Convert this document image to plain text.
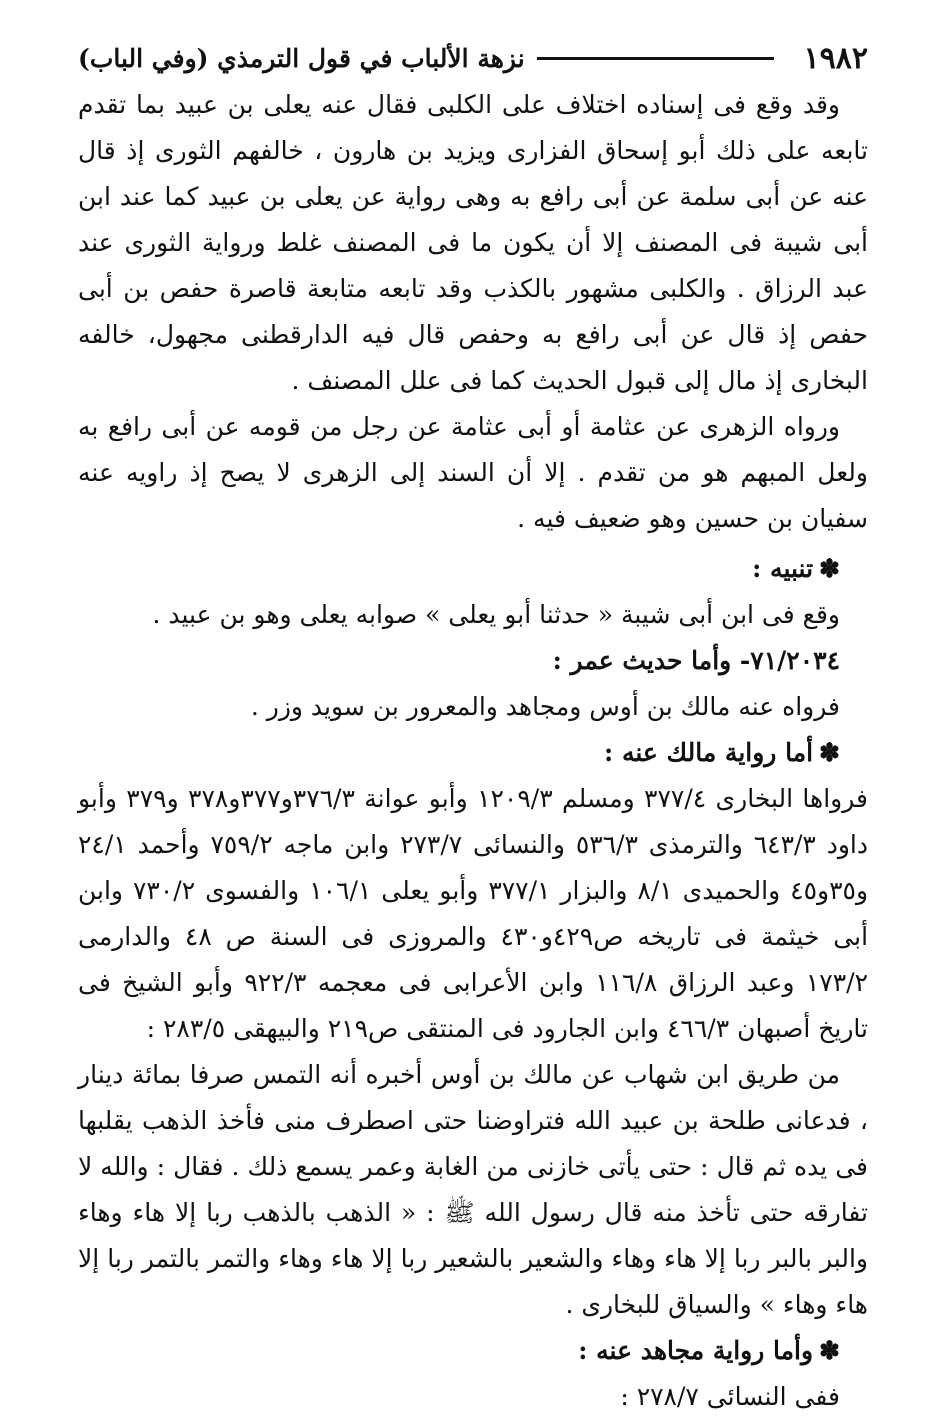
١٩٨٢
نزهة الألباب في قول الترمذي (وفي الباب)

وقد وقع فى إسناده اختلاف على الكلبى فقال عنه يعلى بن عبيد بما تقدم تابعه على ذلك أبو إسحاق الفزارى ويزيد بن هارون ، خالفهم الثورى إذ قال عنه عن أبى سلمة عن أبى رافع به وهى رواية عن يعلى بن عبيد كما عند ابن أبى شيبة فى المصنف إلا أن يكون ما فى المصنف غلط ورواية الثورى عند عبد الرزاق . والكلبى مشهور بالكذب وقد تابعه متابعة قاصرة حفص بن أبى حفص إذ قال عن أبى رافع به وحفص قال فيه الدارقطنى مجهول، خالفه البخارى إذ مال إلى قبول الحديث كما فى علل المصنف .

ورواه الزهرى عن عثامة أو أبى عثامة عن رجل من قومه عن أبى رافع به ولعل المبهم هو من تقدم . إلا أن السند إلى الزهرى لا يصح إذ راويه عنه سفيان بن حسين وهو ضعيف فيه .

✽تنبيه :

وقع فى ابن أبى شيبة « حدثنا أبو يعلى » صوابه يعلى وهو بن عبيد .

٧١/٢٠٣٤- وأما حديث عمر :

فرواه عنه مالك بن أوس ومجاهد والمعرور بن سويد وزر .

✽أما رواية مالك عنه :

فرواها البخارى ٣٧٧/٤ ومسلم ١٢٠٩/٣ وأبو عوانة ٣٧٦/٣و٣٧٧و٣٧٨ و٣٧٩ وأبو داود ٦٤٣/٣ والترمذى ٥٣٦/٣ والنسائى ٢٧٣/٧ وابن ماجه ٧٥٩/٢ وأحمد ٢٤/١ و٣٥و٤٥ والحميدى ٨/١ والبزار ٣٧٧/١ وأبو يعلى ١٠٦/١ والفسوى ٧٣٠/٢ وابن أبى خيثمة فى تاريخه ص٤٢٩و٤٣٠ والمروزى فى السنة ص ٤٨ والدارمى ١٧٣/٢ وعبد الرزاق ١١٦/٨ وابن الأعرابى فى معجمه ٩٢٢/٣ وأبو الشيخ فى تاريخ أصبهان ٤٦٦/٣ وابن الجارود فى المنتقى ص٢١٩ والبيهقى ٢٨٣/٥ :

من طريق ابن شهاب عن مالك بن أوس أخبره أنه التمس صرفا بمائة دينار ، فدعانى طلحة بن عبيد الله فتراوضنا حتى اصطرف منى فأخذ الذهب يقلبها فى يده ثم قال : حتى يأتى خازنى من الغابة وعمر يسمع ذلك . فقال : والله لا تفارقه حتى تأخذ منه قال رسول الله ﷺ : « الذهب بالذهب ربا إلا هاء وهاء والبر بالبر ربا إلا هاء وهاء والشعير بالشعير ربا إلا هاء وهاء والتمر بالتمر ربا إلا هاء وهاء » والسياق للبخارى .

✽وأما رواية مجاهد عنه :

ففى النسائى ٢٧٨/٧ :
